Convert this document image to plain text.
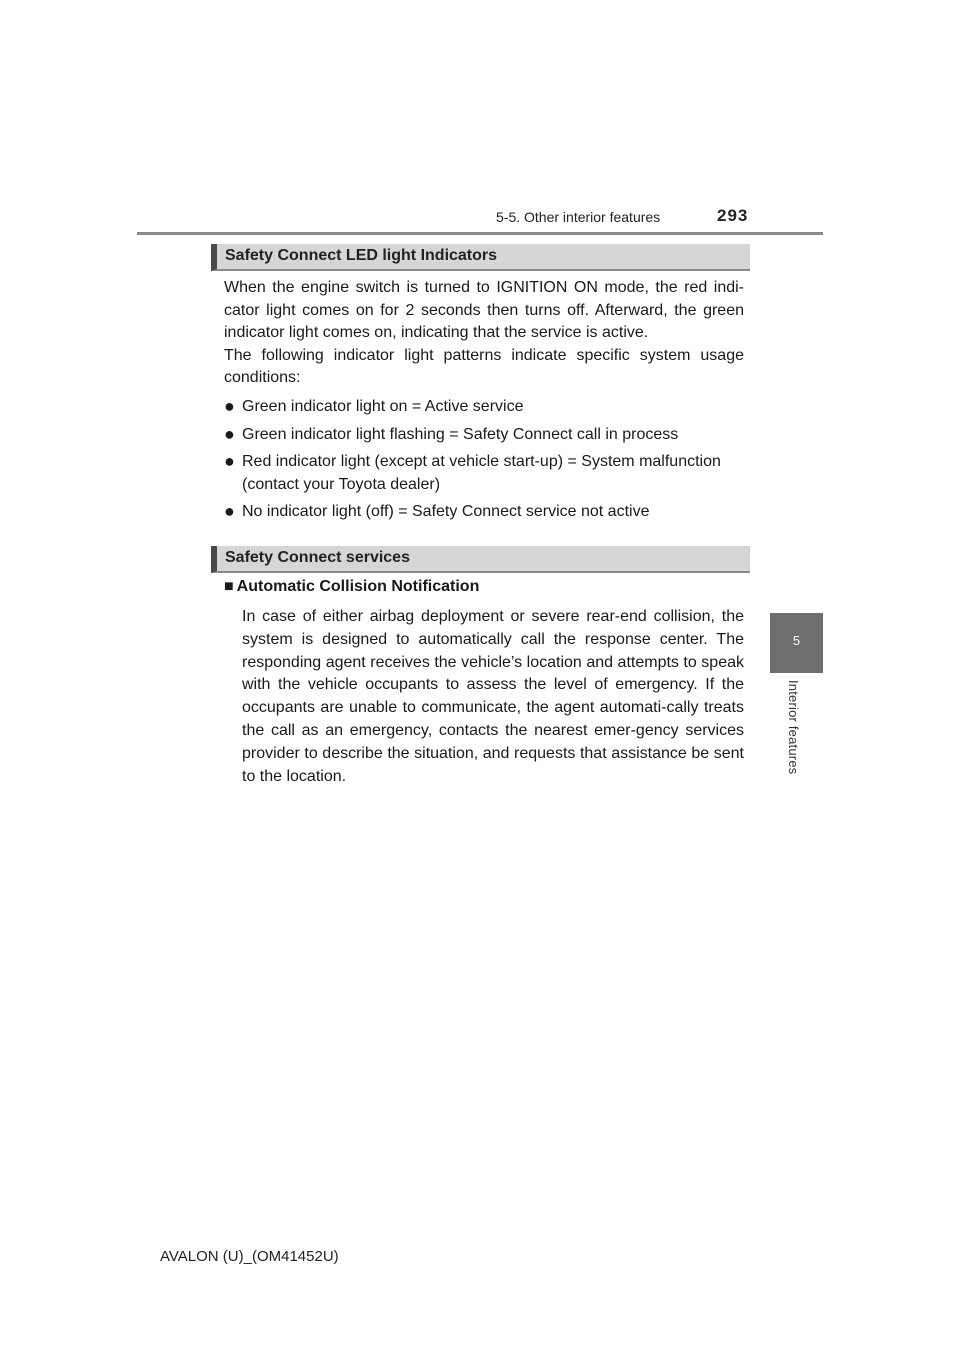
5-5. Other interior features	293
5
Interior features
Safety Connect LED light Indicators

When the engine switch is turned to IGNITION ON mode, the red indi-
cator light comes on for 2 seconds then turns off. Afterward, the green
indicator light comes on, indicating that the service is active.
The following indicator light patterns indicate specific system usage
conditions:

● Green indicator light on = Active service
● Green indicator light flashing = Safety Connect call in process
● Red indicator light (except at vehicle start-up) = System malfunction (contact your Toyota dealer)
● No indicator light (off) = Safety Connect service not active
Safety Connect services
■ Automatic Collision Notification

In case of either airbag deployment or severe rear-end collision, the system is designed to automatically call the response center. The responding agent receives the vehicle’s location and attempts to speak with the vehicle occupants to assess the level of emergency. If the occupants are unable to communicate, the agent automati-cally treats the call as an emergency, contacts the nearest emer-gency services provider to describe the situation, and requests that assistance be sent to the location.

AVALON (U)_(OM41452U)
